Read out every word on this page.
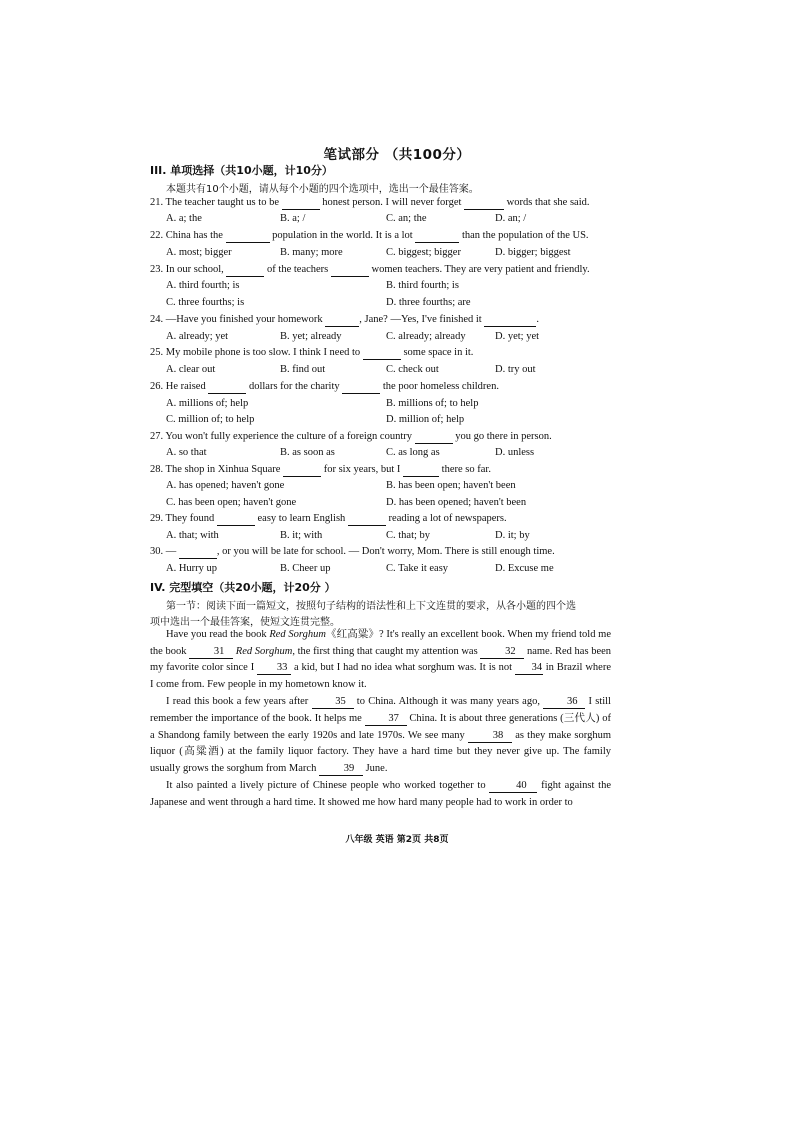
笔试部分 （共100分）
III. 单项选择（共10小题，计10分）
本题共有10个小题，请从每个小题的四个选项中，选出一个最佳答案。
21. The teacher taught us to be	honest person. I will never forget	words that she said.
A. a; the	B. a; /	C. an; the	D. an; /
22. China has the	population in the world. It is a lot	than the population of the US.
A. most; bigger	B. many; more	C. biggest; bigger	D. bigger; biggest
23. In our school,	of the teachers	women teachers. They are very patient and friendly.
A. third fourth; is	B. third fourth; is
C. three fourths; is	D. three fourths; are
24. —Have you finished your homework	, Jane? —Yes, I've finished it	.
A. already; yet	B. yet; already	C. already; already	D. yet; yet
25. My mobile phone is too slow. I think I need to	some space in it.
A. clear out	B. find out	C. check out	D. try out
26. He raised	dollars for the charity	the poor homeless children.
A. millions of; help	B. millions of; to help
C. million of; to help	D. million of; help
27. You won't fully experience the culture of a foreign country	you go there in person.
A. so that	B. as soon as	C. as long as	D. unless
28. The shop in Xinhua Square	for six years, but I	there so far.
A. has opened; haven't gone	B. has been open; haven't been
C. has been open; haven't gone	D. has been opened; haven't been
29. They found	easy to learn English	reading a lot of newspapers.
A. that; with	B. it; with	C. that; by	D. it; by
30. —	, or you will be late for school. — Don't worry, Mom. There is still enough time.
A. Hurry up	B. Cheer up	C. Take it easy	D. Excuse me
IV. 完型填空（共20小题，计20分 ）
第一节：阅读下面一篇短文，按照句子结构的语法性和上下文连贯的要求，从各小题的四个选
项中选出一个最佳答案，使短文连贯完整。

Have you read the book Red Sorghum《红高粱》? It's really an excellent book. When my friend told me the book 31 Red Sorghum, the first thing that caught my attention was 32 name. Red has been my favorite color since I 33 a kid, but I had no idea what sorghum was. It is not 34 in Brazil where I come from. Few people in my hometown know it.

I read this book a few years after 35 to China. Although it was many years ago, 36 I still remember the importance of the book. It helps me 37 China. It is about three generations (三代人) of a Shandong family between the early 1920s and late 1970s. We see many 38 as they make sorghum liquor (高粱酒) at the family liquor factory. They have a hard time but they never give up. The family usually grows the sorghum from March 39 June.

It also painted a lively picture of Chinese people who worked together to	40 fight against the Japanese and went through a hard time. It showed me how hard many people had to work in order to

八年级 英语 第2页 共8页
